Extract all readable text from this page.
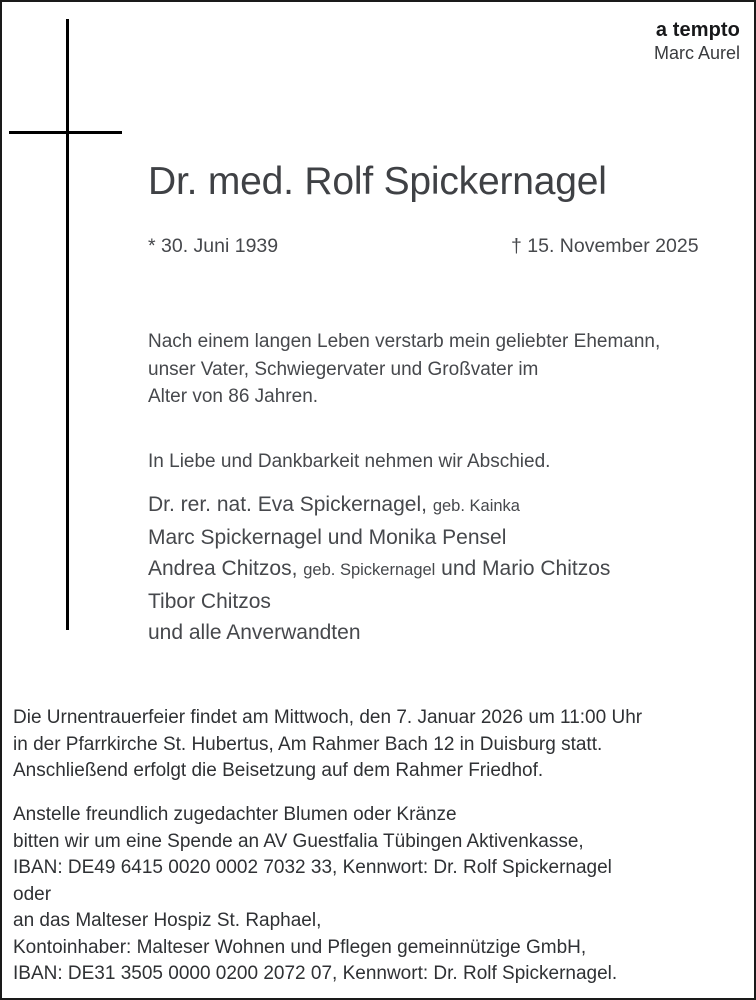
a tempto
Marc Aurel
Dr. med. Rolf Spickernagel
* 30. Juni 1939	† 15. November 2025
Nach einem langen Leben verstarb mein geliebter Ehemann,
unser Vater, Schwiegervater und Großvater im
Alter von 86 Jahren.
In Liebe und Dankbarkeit nehmen wir Abschied.
Dr. rer. nat. Eva Spickernagel, geb. Kainka
Marc Spickernagel und Monika Pensel
Andrea Chitzos, geb. Spickernagel und Mario Chitzos
Tibor Chitzos
und alle Anverwandten
Die Urnentrauerfeier findet am Mittwoch, den 7. Januar 2026 um 11:00 Uhr
in der Pfarrkirche St. Hubertus, Am Rahmer Bach 12 in Duisburg statt.
Anschließend erfolgt die Beisetzung auf dem Rahmer Friedhof.
Anstelle freundlich zugedachter Blumen oder Kränze
bitten wir um eine Spende an AV Guestfalia Tübingen Aktivenkasse,
IBAN: DE49 6415 0020 0002 7032 33, Kennwort: Dr. Rolf Spickernagel
oder
an das Malteser Hospiz St. Raphael,
Kontoinhaber: Malteser Wohnen und Pflegen gemeinnützige GmbH,
IBAN: DE31 3505 0000 0200 2072 07, Kennwort: Dr. Rolf Spickernagel.
